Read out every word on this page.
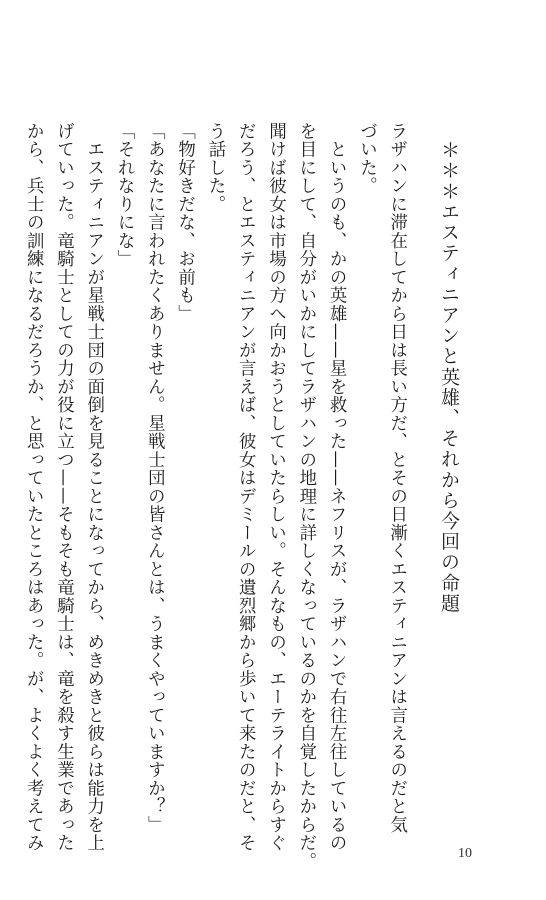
＊＊＊エスティニアンと英雄、それから今回の命題

ラザハンに滞在してから日は長い方だ、とその日漸くエスティニアンは言えるのだと気

づいた。

　というのも、かの英雄——星を救った——ネフリスが、ラザハンで右往左往しているの

を目にして、自分がいかにしてラザハンの地理に詳しくなっているのかを自覚したからだ。

聞けば彼女は市場の方へ向かおうとしていたらしい。そんなもの、エーテライトからすぐ

だろう、とエスティニアンが言えば、彼女はデミールの遺烈郷から歩いて来たのだと、そ

う話した。

「物好きだな、お前も」

「あなたに言われたくありません。星戦士団の皆さんとは、うまくやっていますか？」

「それなりにな」

　エスティニアンが星戦士団の面倒を見ることになってから、めきめきと彼らは能力を上

げていった。竜騎士としての力が役に立つ——そもそも竜騎士は、竜を殺す生業であった

から、兵士の訓練になるだろうか、と思っていたところはあった。が、よくよく考えてみ

10
